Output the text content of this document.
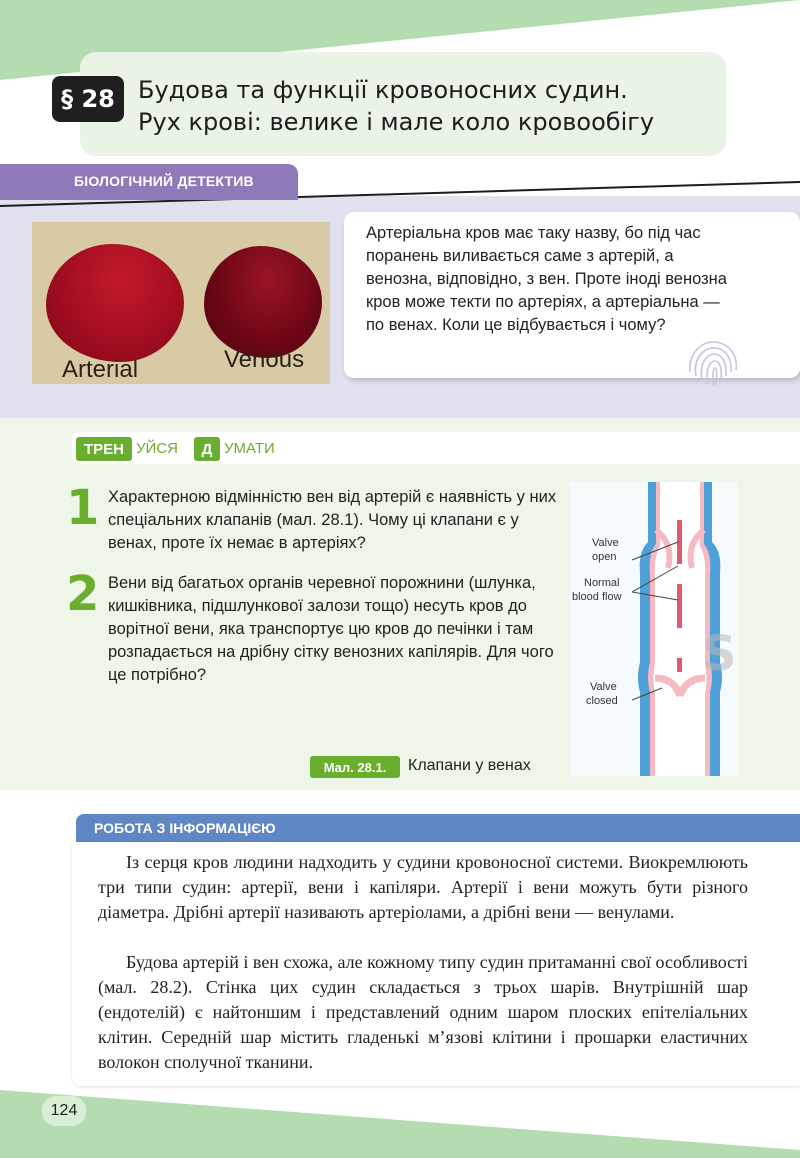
§ 28 Будова та функції кровоносних судин.
Рух крові: велике і мале коло кровообігу
БІОЛОГІЧНИЙ ДЕТЕКТИВ
Arterial	Venous
Артеріальна кров має таку назву, бо під час поранень виливається саме з артерій, а венозна, відповідно, з вен. Проте іноді венозна кров може текти по артеріях, а артеріальна — по венах. Коли це відбувається і чому?
ТРЕН УЙСЯ	Д УМАТИ
1 Характерною відмінністю вен від артерій є наявність у них спеціальних клапанів (мал. 28.1). Чому ці клапани є у венах, проте їх немає в артеріях?
2 Вени від багатьох органів черевної порожнини (шлунка, кишківника, підшлункової залози тощо) несуть кров до ворітної вени, яка транспортує цю кров до печінки і там розпадається на дрібну сітку венозних капілярів. Для чого це потрібно?
Valve
open
Normal
blood flow
Valve
closed
S
Мал. 28.1.	Клапани у венах
РОБОТА З ІНФОРМАЦІЄЮ
Із серця кров людини надходить у судини кровоносної системи. Виокремлюють три типи судин: артерії, вени і капіляри. Артерії і вени можуть бути різного діаметра. Дрібні артерії називають артеріолами, а дрібні вени — венулами.
Будова артерій і вен схожа, але кожному типу судин притаманні свої особливості (мал. 28.2). Стінка цих судин складається з трьох шарів. Внутрішній шар (ендотелій) є найтоншим і представлений одним шаром плоских епітеліальних клітин. Середній шар містить гладенькі м’язові клітини і прошарки еластичних волокон сполучної тканини.
124
